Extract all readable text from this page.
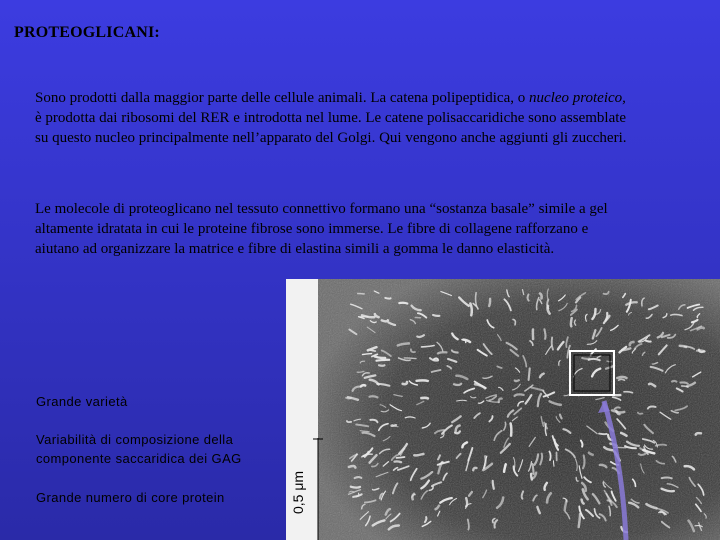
PROTEOGLICANI:
Sono prodotti dalla maggior parte delle cellule animali. La catena polipeptidica, o nucleo proteico, è prodotta dai ribosomi del RER e introdotta nel lume. Le catene polisaccaridiche sono assemblate su questo nucleo principalmente nell’apparato del Golgi. Qui vengono anche aggiunti gli zuccheri.
Le molecole di proteoglicano nel tessuto connettivo formano una “sostanza basale” simile a gel altamente idratata in cui le proteine fibrose sono immerse. Le fibre di collagene rafforzano e aiutano ad organizzare la matrice e fibre di elastina simili a gomma le danno elasticità.
Grande varietà
Variabilità di composizione della componente saccaridica dei GAG
Grande numero di core protein	0,5 μm
